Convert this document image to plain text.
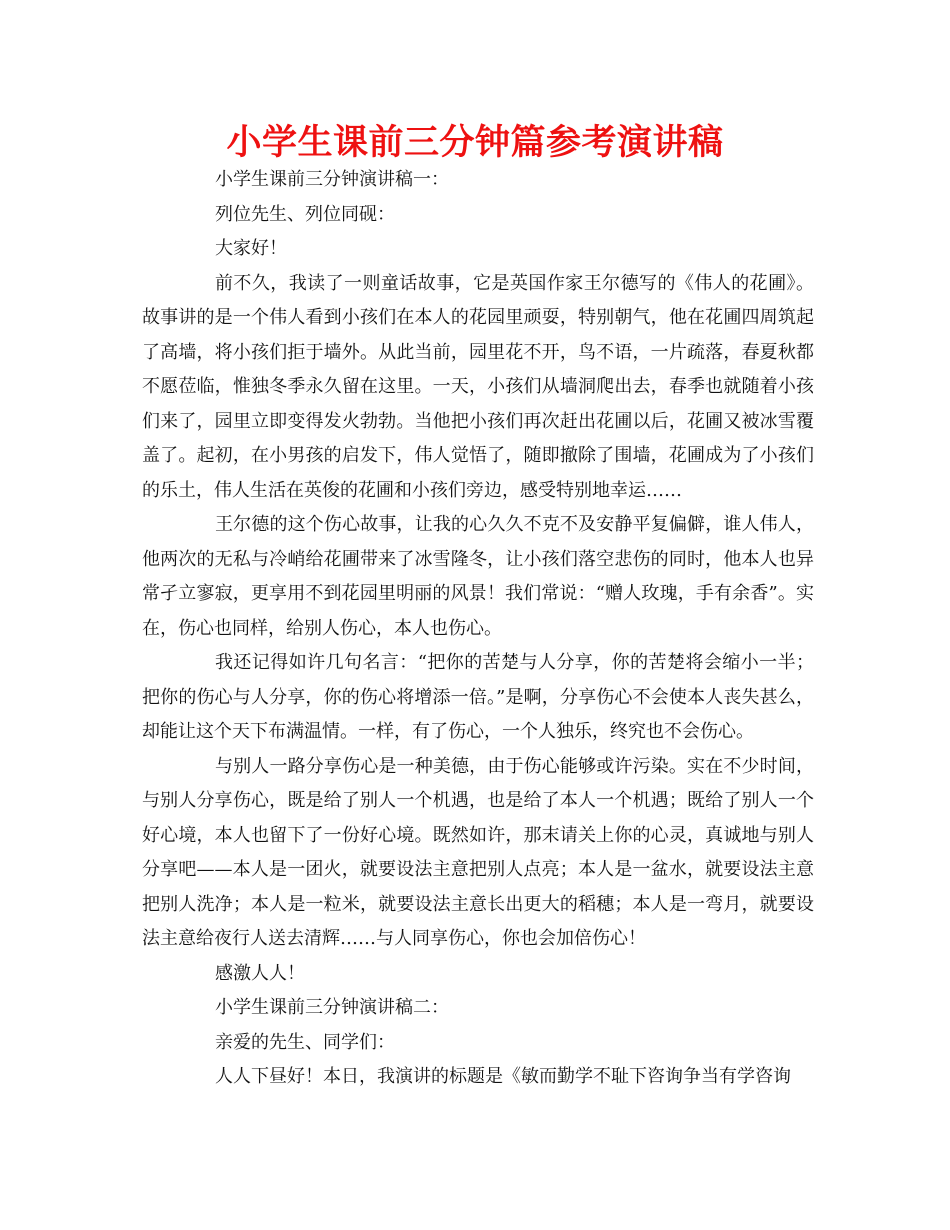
小学生课前三分钟篇参考演讲稿

小学生课前三分钟演讲稿一：

列位先生、列位同砚：

大家好！

前不久，我读了一则童话故事，它是英国作家王尔德写的《伟人的花圃》。故事讲的是一个伟人看到小孩们在本人的花园里顽耍，特别朝气，他在花圃四周筑起了高墙，将小孩们拒于墙外。从此当前，园里花不开，鸟不语，一片疏落，春夏秋都不愿莅临，惟独冬季永久留在这里。一天，小孩们从墙洞爬出去，春季也就随着小孩们来了，园里立即变得发火勃勃。当他把小孩们再次赶出花圃以后，花圃又被冰雪覆盖了。起初，在小男孩的启发下，伟人觉悟了，随即撤除了围墙，花圃成为了小孩们的乐土，伟人生活在英俊的花圃和小孩们旁边，感受特别地幸运……

王尔德的这个伤心故事，让我的心久久不克不及安静平复偏僻，谁人伟人，他两次的无私与冷峭给花圃带来了冰雪隆冬，让小孩们落空悲伤的同时，他本人也异常孑立寥寂，更享用不到花园里明丽的风景！我们常说：“赠人玫瑰，手有余香”。实在，伤心也同样，给别人伤心，本人也伤心。

我还记得如许几句名言：“把你的苦楚与人分享，你的苦楚将会缩小一半；把你的伤心与人分享，你的伤心将增添一倍。”是啊，分享伤心不会使本人丧失甚么，却能让这个天下布满温情。一样，有了伤心，一个人独乐，终究也不会伤心。

与别人一路分享伤心是一种美德，由于伤心能够或许污染。实在不少时间，与别人分享伤心，既是给了别人一个机遇，也是给了本人一个机遇；既给了别人一个好心境，本人也留下了一份好心境。既然如许，那末请关上你的心灵，真诚地与别人分享吧——本人是一团火，就要设法主意把别人点亮；本人是一盆水，就要设法主意把别人洗净；本人是一粒米，就要设法主意长出更大的稻穗；本人是一弯月，就要设法主意给夜行人送去清辉……与人同享伤心，你也会加倍伤心！

感激人人！

小学生课前三分钟演讲稿二：

亲爱的先生、同学们：

人人下昼好！本日，我演讲的标题是《敏而勤学不耻下咨询争当有学咨询
